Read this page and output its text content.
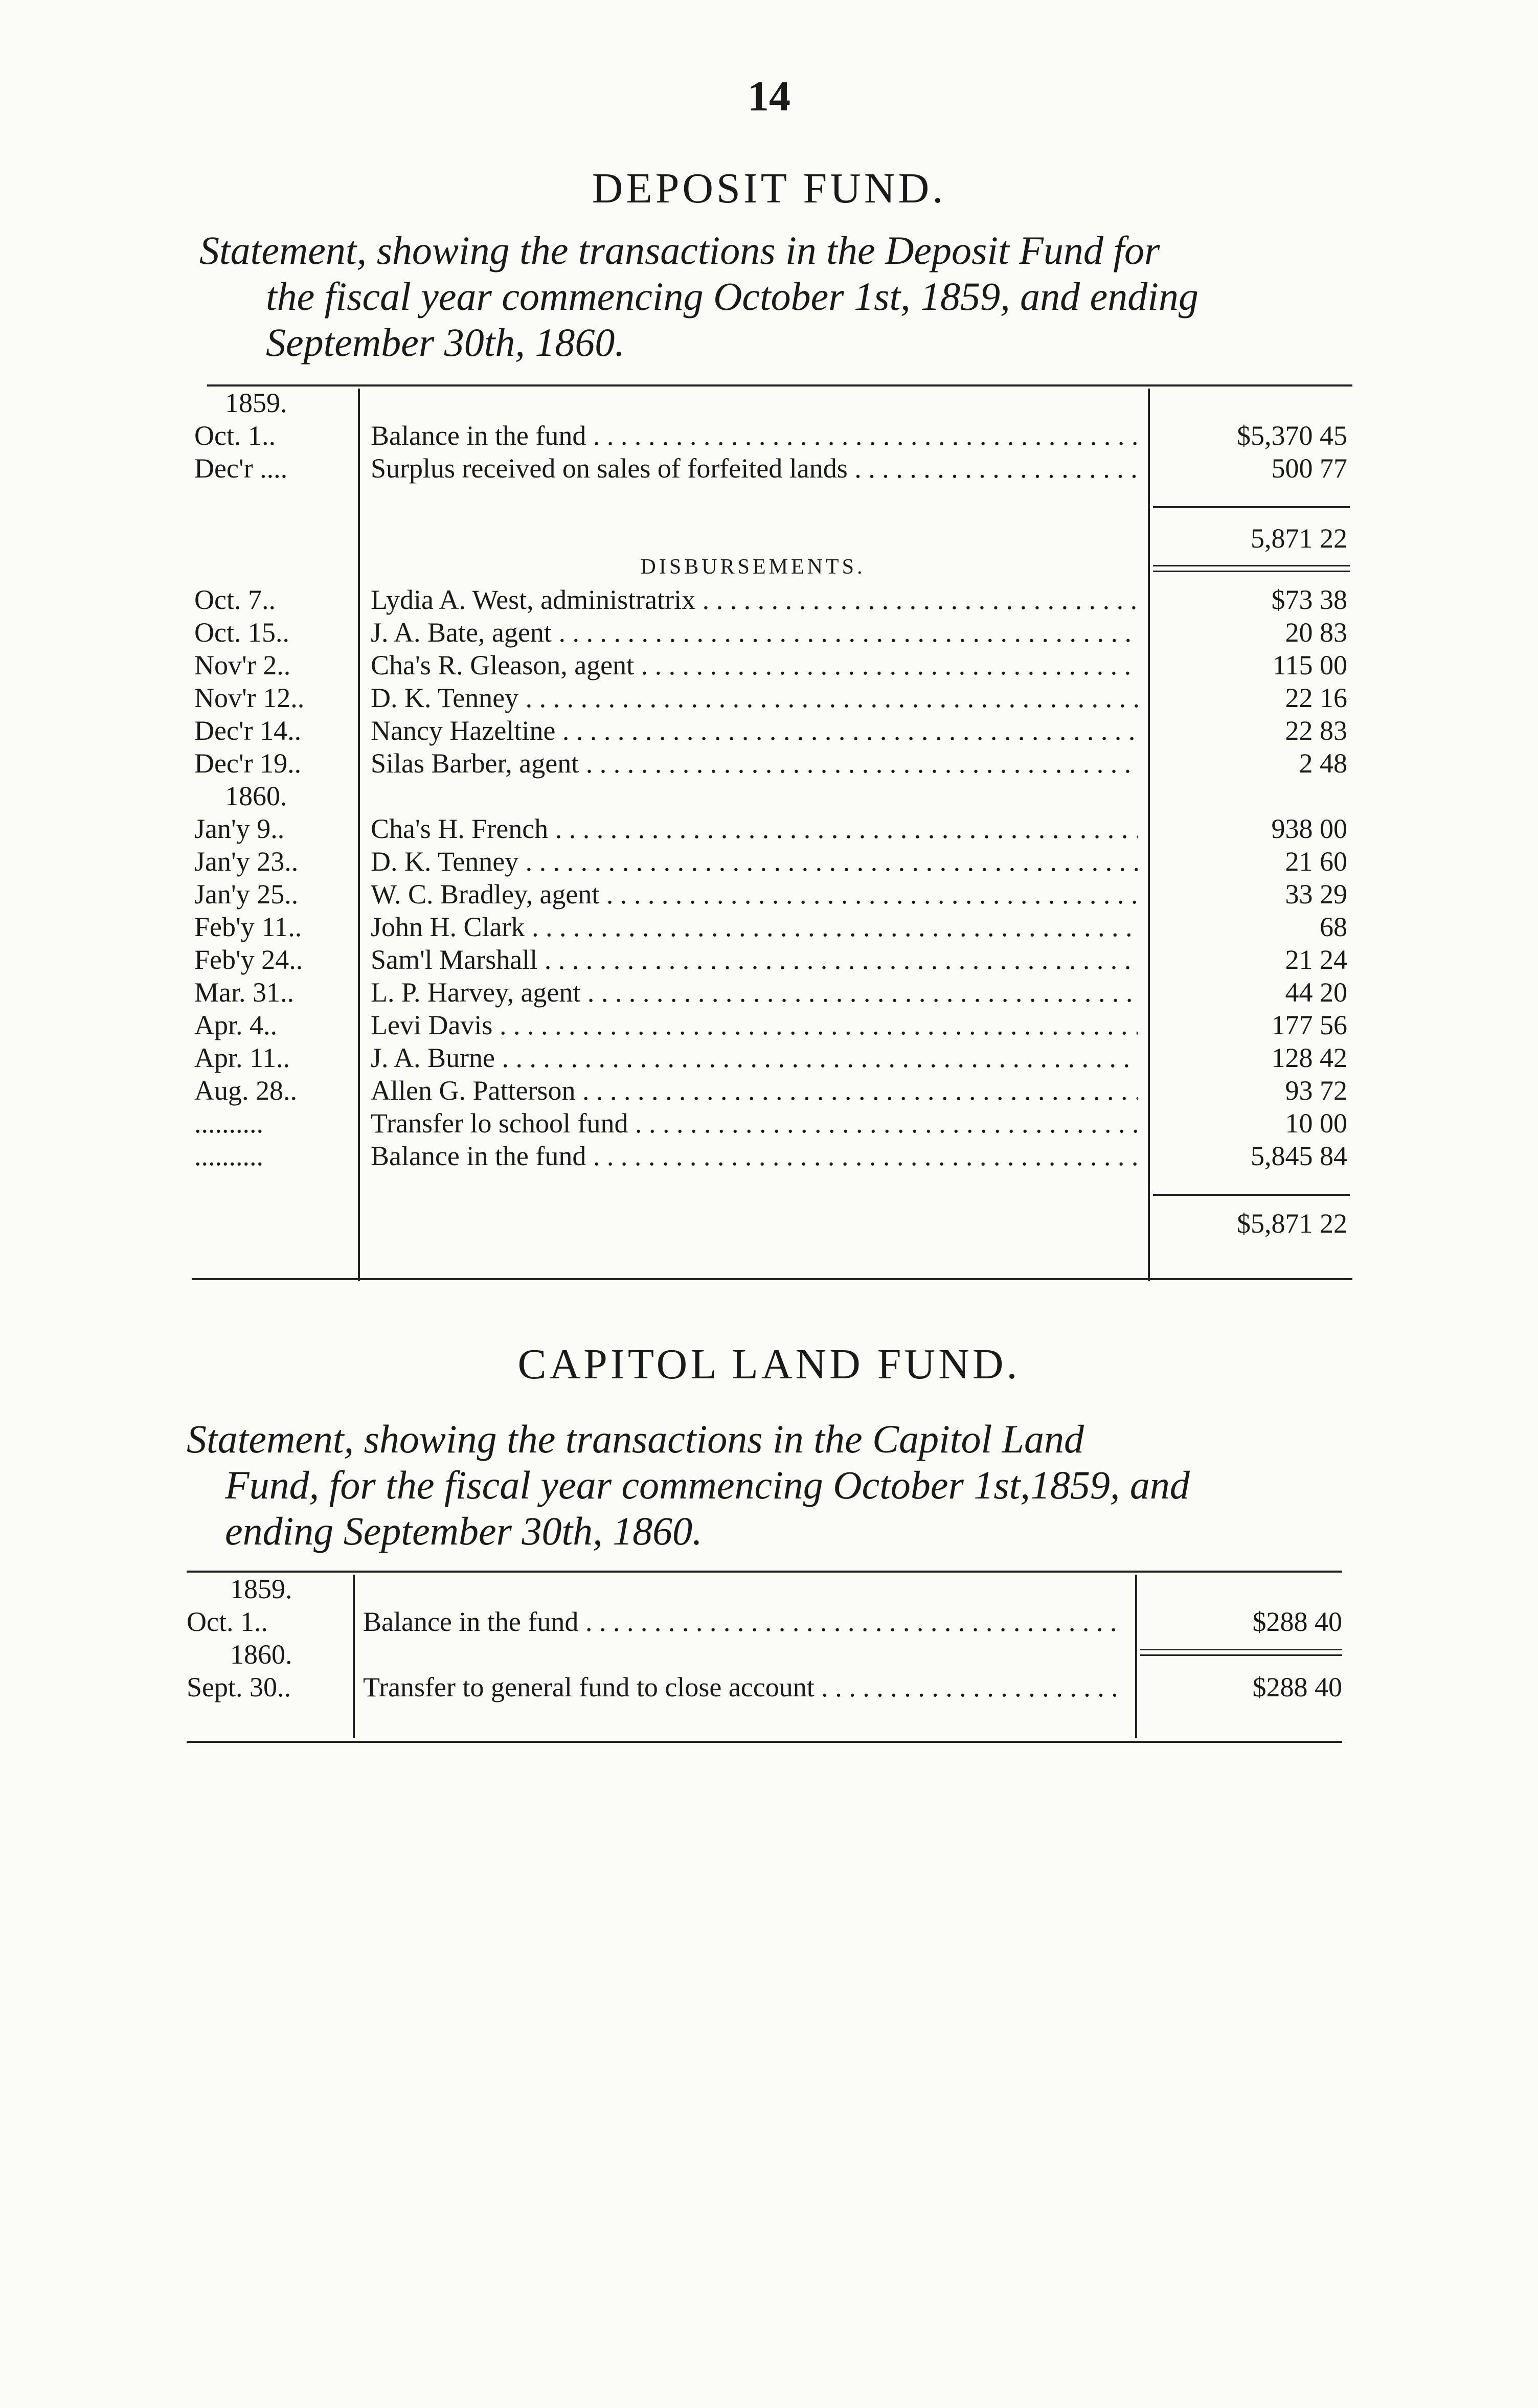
14
DEPOSIT FUND.
Statement, showing the transactions in the Deposit Fund for
the fiscal year commencing October 1st, 1859, and ending
September 30th, 1860.
1859.
Oct. 1..	Balance in the fund . . .	$5,370 45
Dec'r ....	Surplus received on sales of forfeited lands . . .	500 77
5,871 22
DISBURSEMENTS.
Oct. 7..	Lydia A. West, administratrix . . .	$73 38
Oct. 15..	J. A. Bate, agent . . .	20 83
Nov'r 2..	Cha's R. Gleason, agent . . .	115 00
Nov'r 12..	D. K. Tenney . . .	22 16
Dec'r 14..	Nancy Hazeltine . . .	22 83
Dec'r 19..	Silas Barber, agent . . .	2 48
1860.
Jan'y 9..	Cha's H. French . . .	938 00
Jan'y 23..	D. K. Tenney . . .	21 60
Jan'y 25..	W. C. Bradley, agent . . .	33 29
Feb'y 11..	John H. Clark . . .	68
Feb'y 24..	Sam'l Marshall . . .	21 24
Mar. 31..	L. P. Harvey, agent . . .	44 20
Apr. 4..	Levi Davis . . .	177 56
Apr. 11..	J. A. Burne . . .	128 42
Aug. 28..	Allen G. Patterson . . .	93 72
..........	Transfer lo school fund . . .	10 00
..........	Balance in the fund . . .	5,845 84
$5,871 22
CAPITOL LAND FUND.
Statement, showing the transactions in the Capitol Land
Fund, for the fiscal year commencing October 1st,1859, and
ending September 30th, 1860.
1859.
Oct. 1..	Balance in the fund . . .	$288 40
1860.
Sept. 30..	Transfer to general fund to close account . . .	$288 40
